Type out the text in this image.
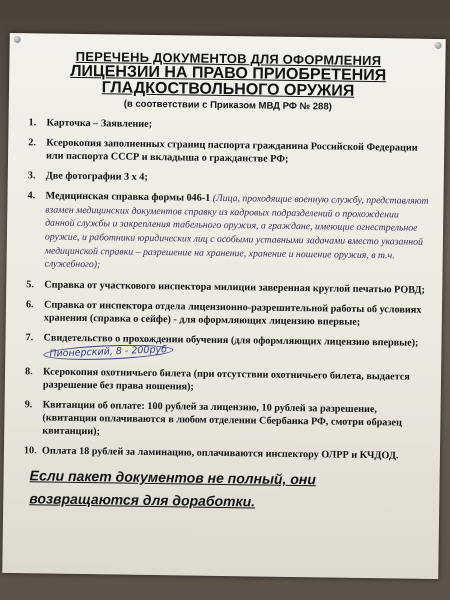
ПЕРЕЧЕНЬ ДОКУМЕНТОВ ДЛЯ ОФОРМЛЕНИЯ
ЛИЦЕНЗИИ НА ПРАВО ПРИОБРЕТЕНИЯ
ГЛАДКОСТВОЛЬНОГО ОРУЖИЯ
(в соответствии с Приказом МВД РФ № 288)
1.	Карточка – Заявление;
2.	Ксерокопия заполненных страниц паспорта гражданина Российской Федерации или паспорта СССР и вкладыша о гражданстве РФ;
3.	Две фотографии 3 х 4;
4.	Медицинская справка формы 046-1 (Лица, проходящие военную службу, представляют взамен медицинских документов справку из кадровых подразделений о прохождении данной службы и закрепления табельного оружия, а граждане, имеющие огнестрельное оружие, и работники юридических лиц с особыми уставными задачами вместо указанной медицинской справки – разрешение на хранение, хранение и ношение оружия, в т.ч. служебного);
5.	Справка от участкового инспектора милиции заверенная круглой печатью РОВД;
6.	Справка от инспектора отдела лицензионно-разрешительной работы об условиях хранения (справка о сейфе) - для оформляющих лицензию впервые;
7.	Свидетельство о прохождении обучения (для оформляющих лицензию впервые); Пионерский, 8 - 200руб
8.	Ксерокопия охотничьего билета (при отсутствии охотничьего билета, выдается разрешение без права ношения);
9.	Квитанции об оплате: 100 рублей за лицензию, 10 рублей за разрешение, (квитанции оплачиваются в любом отделении Сбербанка РФ, смотри образец квитанции);
10. Оплата 18 рублей за ламинацию, оплачиваются инспектору ОЛРР и КЧДОД.
Если пакет документов не полный, они
возвращаются для доработки.
